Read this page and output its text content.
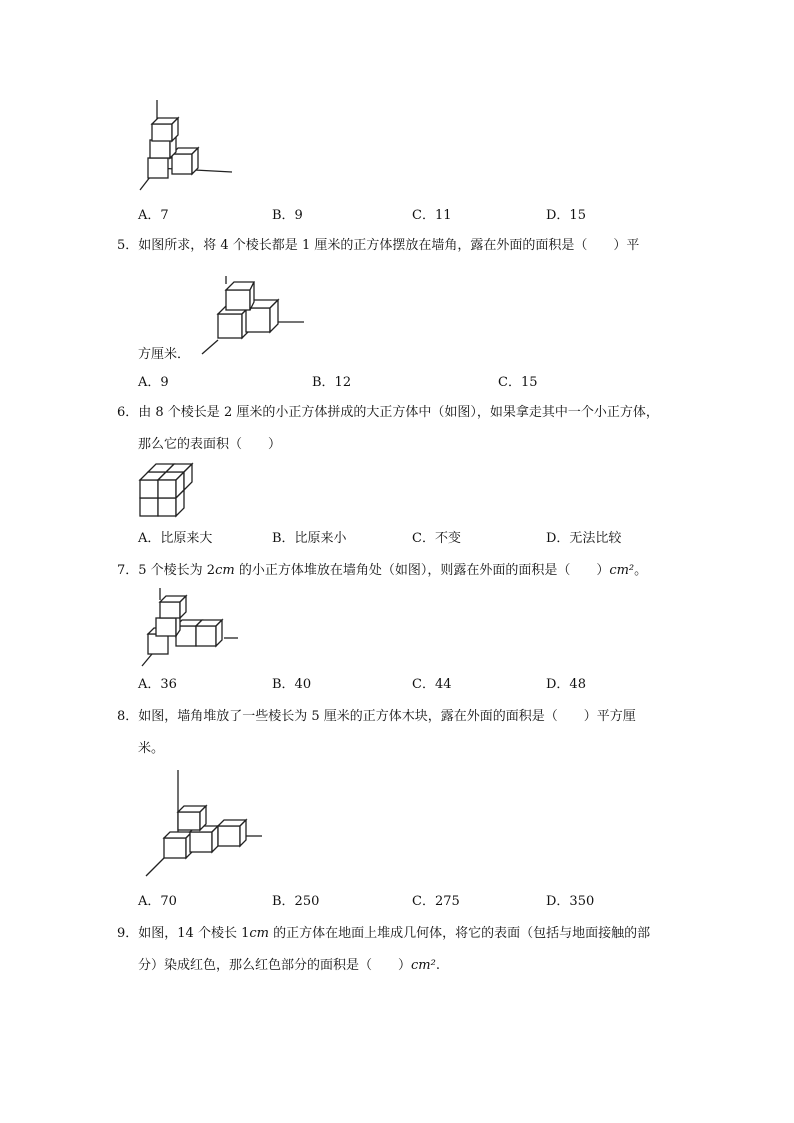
A．7	B．9	C．11	D．15
5．如图所求，将 4 个棱长都是 1 厘米的正方体摆放在墙角，露在外面的面积是（　　）平
方厘米．
A．9	B．12	C．15
6．由 8 个棱长是 2 厘米的小正方体拼成的大正方体中（如图），如果拿走其中一个小正方体，
那么它的表面积（　　）
A．比原来大	B．比原来小	C．不变	D．无法比较
7．5 个棱长为 2cm 的小正方体堆放在墙角处（如图），则露在外面的面积是（　　）cm²。
A．36	B．40	C．44	D．48
8．如图，墙角堆放了一些棱长为 5 厘米的正方体木块，露在外面的面积是（　　）平方厘
米。
A．70	B．250	C．275	D．350
9．如图，14 个棱长 1cm 的正方体在地面上堆成几何体，将它的表面（包括与地面接触的部
分）染成红色，那么红色部分的面积是（　　）cm².
